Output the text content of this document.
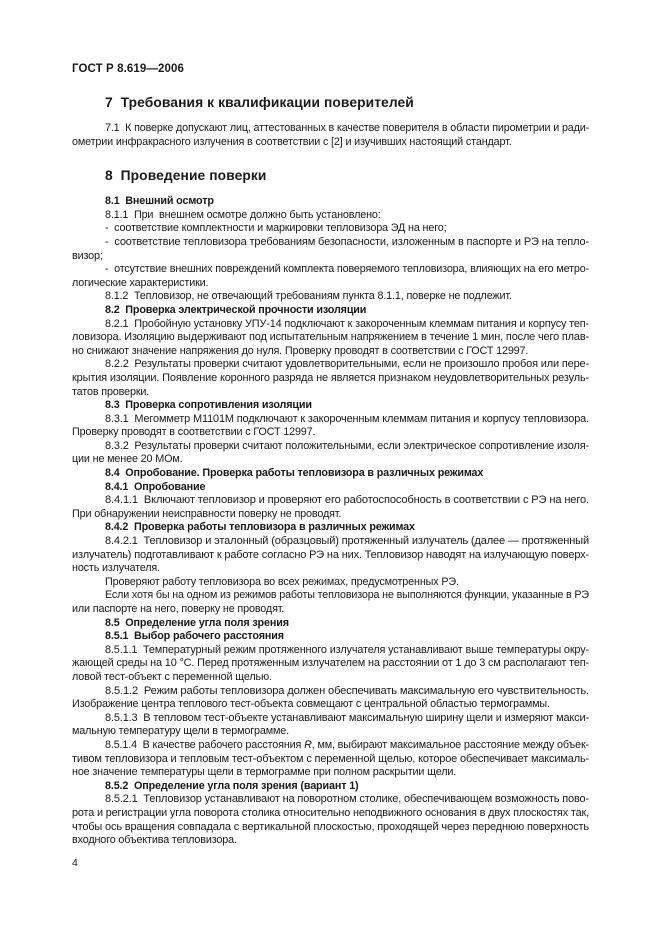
ГОСТ Р 8.619—2006
7  Требования к квалификации поверителей
7.1  К поверке допускают лиц, аттестованных в качестве поверителя в области пирометрии и ради-
ометрии инфракрасного излучения в соответствии с [2] и изучивших настоящий стандарт.
8  Проведение поверки
8.1  Внешний осмотр
8.1.1  При  внешнем осмотре должно быть установлено:
-  соответствие комплектности и маркировки тепловизора ЭД на него;
-  соответствие тепловизора требованиям безопасности, изложенным в паспорте и РЭ на тепло-
визор;
-  отсутствие внешних повреждений комплекта поверяемого тепловизора, влияющих на его метро-
логические характеристики.
8.1.2  Тепловизор, не отвечающий требованиям пункта 8.1.1, поверке не подлежит.
8.2  Проверка электрической прочности изоляции
8.2.1  Пробойную установку УПУ-14 подключают к закороченным клеммам питания и корпусу теп-
ловизора. Изоляцию выдерживают под испытательным напряжением в течение 1 мин, после чего плав-
но снижают значение напряжения до нуля. Проверку проводят в соответствии с ГОСТ 12997.
8.2.2  Результаты проверки считают удовлетворительными, если не произошло пробоя или пере-
крытия изоляции. Появление коронного разряда не является признаком неудовлетворительных резуль-
татов проверки.
8.3  Проверка сопротивления изоляции
8.3.1  Мегомметр М1101М подключают к закороченным клеммам питания и корпусу тепловизора.
Проверку проводят в соответствии с ГОСТ 12997.
8.3.2  Результаты проверки считают положительными, если электрическое сопротивление изоля-
ции не менее 20 МОм.
8.4  Опробование. Проверка работы тепловизора в различных режимах
8.4.1  Опробование
8.4.1.1  Включают тепловизор и проверяют его работоспособность в соответствии с РЭ на него.
При обнаружении неисправности поверку не проводят.
8.4.2  Проверка работы тепловизора в различных режимах
8.4.2.1  Тепловизор и эталонный (образцовый) протяженный излучатель (далее — протяженный
излучатель) подготавливают к работе согласно РЭ на них. Тепловизор наводят на излучающую поверх-
ность излучателя.
Проверяют работу тепловизора во всех режимах, предусмотренных РЭ.
Если хотя бы на одном из режимов работы тепловизора не выполняются функции, указанные в РЭ
или паспорте на него, поверку не проводят.
8.5  Определение угла поля зрения
8.5.1  Выбор рабочего расстояния
8.5.1.1  Температурный режим протяженного излучателя устанавливают выше температуры окру-
жающей среды на 10 °С. Перед протяженным излучателем на расстоянии от 1 до 3 см располагают теп-
ловой тест-объект с переменной щелью.
8.5.1.2  Режим работы тепловизора должен обеспечивать максимальную его чувствительность.
Изображение центра теплового тест-объекта совмещают с центральной областью термограммы.
8.5.1.3  В тепловом тест-объекте устанавливают максимальную ширину щели и измеряют макси-
мальную температуру щели в термограмме.
8.5.1.4  В качестве рабочего расстояния R, мм, выбирают максимальное расстояние между объек-
тивом тепловизора и тепловым тест-объектом с переменной щелью, которое обеспечивает максималь-
ное значение температуры щели в термограмме при полном раскрытии щели.
8.5.2  Определение угла поля зрения (вариант 1)
8.5.2.1  Тепловизор устанавливают на поворотном столике, обеспечивающем возможность пово-
рота и регистрации угла поворота столика относительно неподвижного основания в двух плоскостях так,
чтобы ось вращения совпадала с вертикальной плоскостью, проходящей через переднюю поверхность
входного объектива тепловизора.
4
